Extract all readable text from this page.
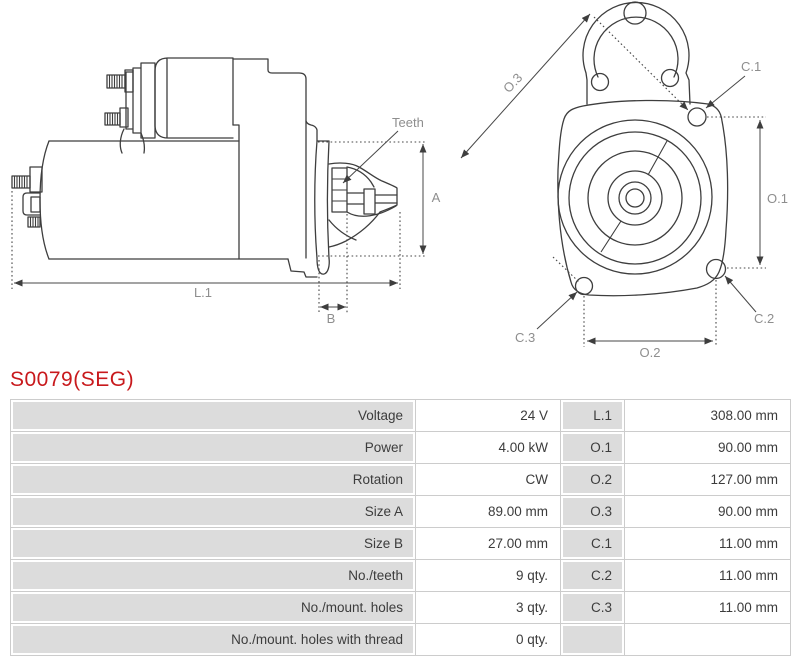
Teeth
L.1
A
B
O.3
C.1
O.1
C.2
C.3
O.2
S0079(SEG)
Voltage	24 V	L.1	308.00 mm

Power	4.00 kW	O.1	90.00 mm

Rotation	CW	O.2	127.00 mm

Size A	89.00 mm	O.3	90.00 mm

Size B	27.00 mm	C.1	11.00 mm

No./teeth	9 qty.	C.2	11.00 mm

No./mount. holes	3 qty.	C.3	11.00 mm

No./mount. holes with thread	0 qty.		
